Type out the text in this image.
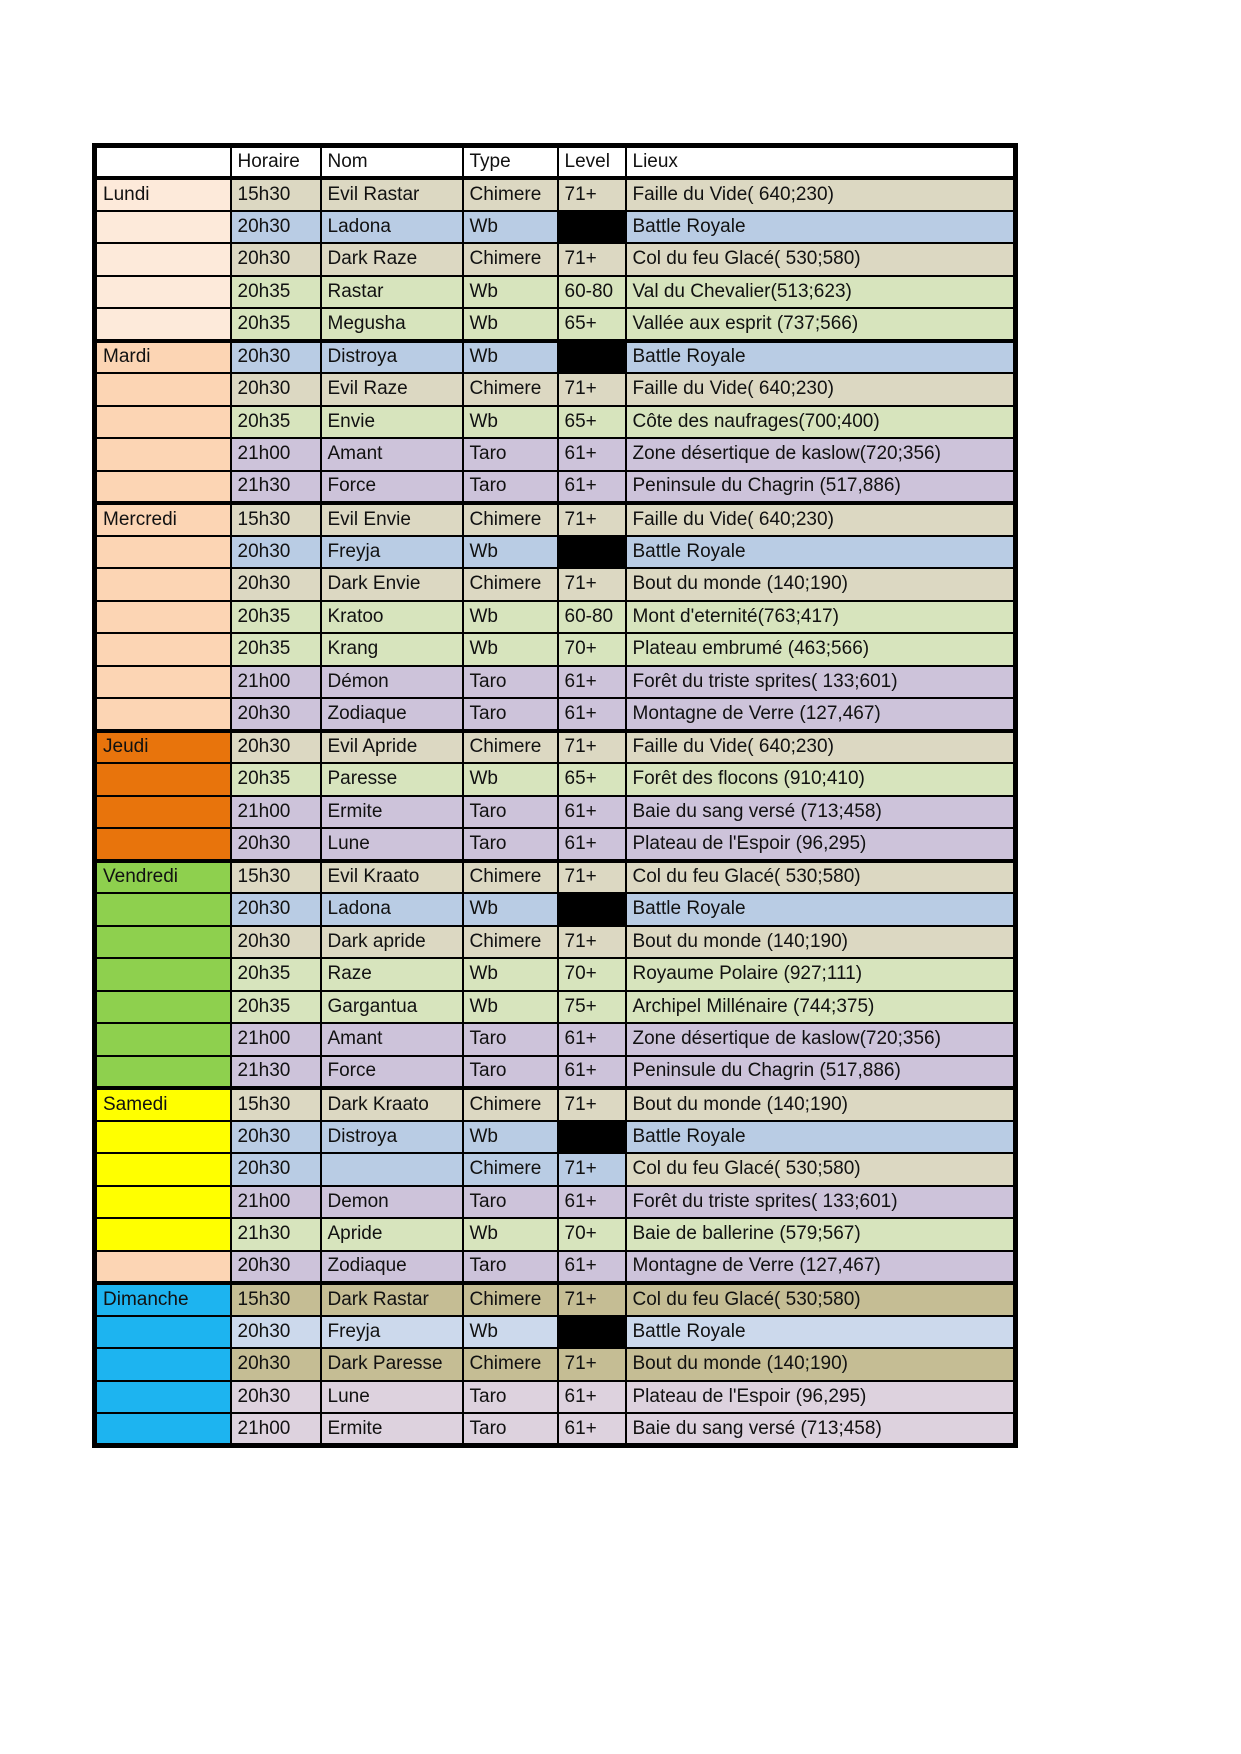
	Horaire	Nom	Type	Level	Lieux
Lundi	15h30	Evil Rastar	Chimere	71+	Faille du Vide( 640;230)
	20h30	Ladona	Wb		Battle Royale
	20h30	Dark Raze	Chimere	71+	Col du feu Glacé( 530;580)
	20h35	Rastar	Wb	60-80	Val du Chevalier(513;623)
	20h35	Megusha	Wb	65+	Vallée aux esprit (737;566)
Mardi	20h30	Distroya	Wb		Battle Royale
	20h30	Evil Raze	Chimere	71+	Faille du Vide( 640;230)
	20h35	Envie	Wb	65+	Côte des naufrages(700;400)
	21h00	Amant	Taro	61+	Zone désertique de kaslow(720;356)
	21h30	Force	Taro	61+	Peninsule du Chagrin (517,886)
Mercredi	15h30	Evil Envie	Chimere	71+	Faille du Vide( 640;230)
	20h30	Freyja	Wb		Battle Royale
	20h30	Dark Envie	Chimere	71+	Bout du monde (140;190)
	20h35	Kratoo	Wb	60-80	Mont d'eternité(763;417)
	20h35	Krang	Wb	70+	Plateau embrumé (463;566)
	21h00	Démon	Taro	61+	Forêt du triste sprites( 133;601)
	20h30	Zodiaque	Taro	61+	Montagne de Verre (127,467)
Jeudi	20h30	Evil Apride	Chimere	71+	Faille du Vide( 640;230)
	20h35	Paresse	Wb	65+	Forêt des flocons (910;410)
	21h00	Ermite	Taro	61+	Baie du sang versé (713;458)
	20h30	Lune	Taro	61+	Plateau de l'Espoir (96,295)
Vendredi	15h30	Evil Kraato	Chimere	71+	Col du feu Glacé( 530;580)
	20h30	Ladona	Wb		Battle Royale
	20h30	Dark apride	Chimere	71+	Bout du monde (140;190)
	20h35	Raze	Wb	70+	Royaume Polaire (927;111)
	20h35	Gargantua	Wb	75+	Archipel Millénaire (744;375)
	21h00	Amant	Taro	61+	Zone désertique de kaslow(720;356)
	21h30	Force	Taro	61+	Peninsule du Chagrin (517,886)
Samedi	15h30	Dark Kraato	Chimere	71+	Bout du monde (140;190)
	20h30	Distroya	Wb		Battle Royale
	20h30		Chimere	71+	Col du feu Glacé( 530;580)
	21h00	Demon	Taro	61+	Forêt du triste sprites( 133;601)
	21h30	Apride	Wb	70+	Baie de ballerine (579;567)
	20h30	Zodiaque	Taro	61+	Montagne de Verre (127,467)
Dimanche	15h30	Dark Rastar	Chimere	71+	Col du feu Glacé( 530;580)
	20h30	Freyja	Wb		Battle Royale
	20h30	Dark Paresse	Chimere	71+	Bout du monde (140;190)
	20h30	Lune	Taro	61+	Plateau de l'Espoir (96,295)
	21h00	Ermite	Taro	61+	Baie du sang versé (713;458)
